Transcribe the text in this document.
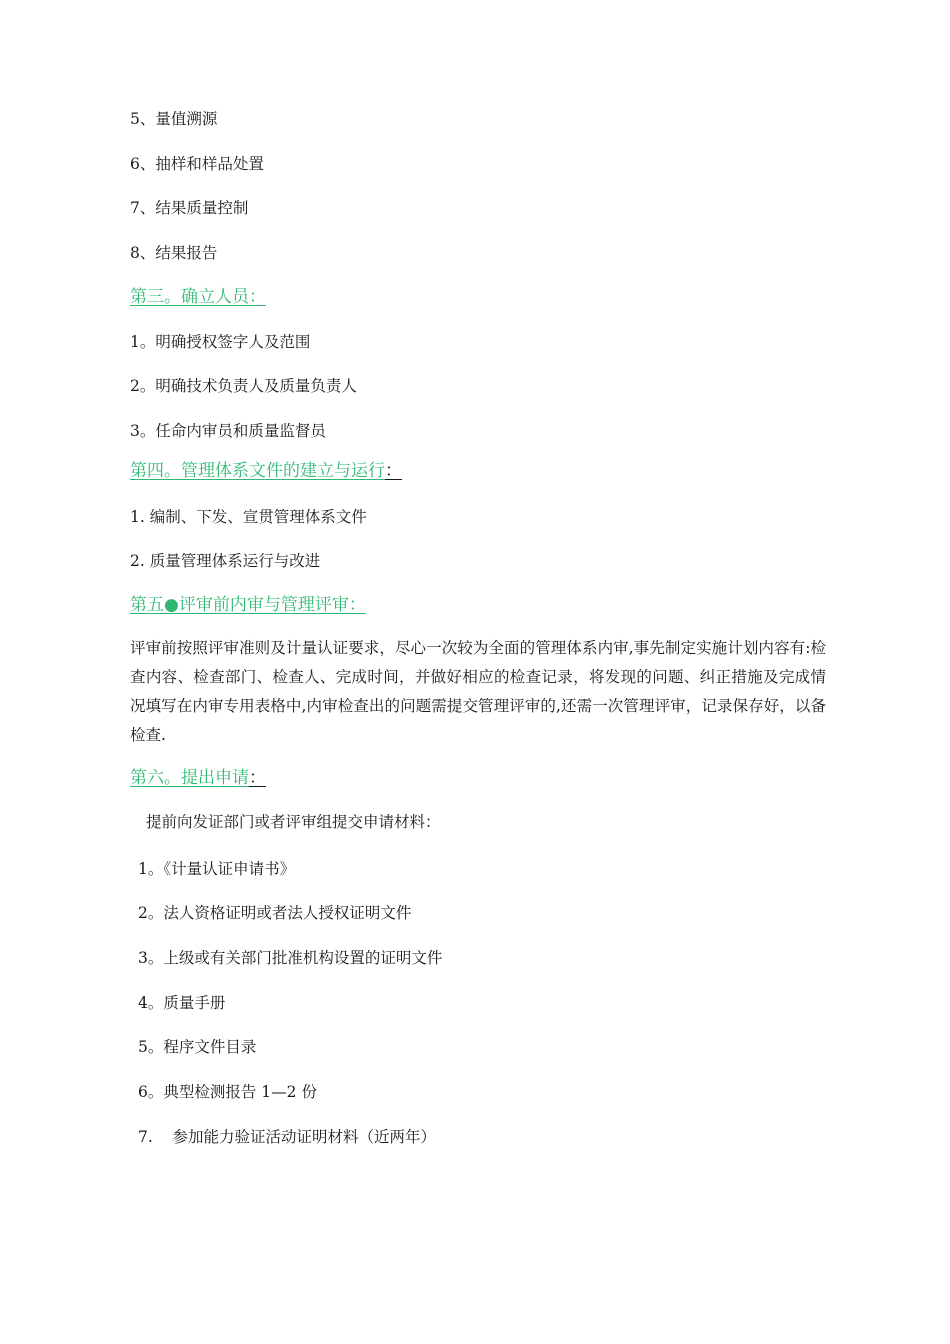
5、量值溯源
6、抽样和样品处置
7、结果质量控制
8、结果报告
第三。确立人员：
1。明确授权签字人及范围
2。明确技术负责人及质量负责人
3。任命内审员和质量监督员
第四。管理体系文件的建立与运行：
1. 编制、下发、宣贯管理体系文件
2. 质量管理体系运行与改进
第五●评审前内审与管理评审：
评审前按照评审准则及计量认证要求，尽心一次较为全面的管理体系内审,事先制定实施计划内容有:检查内容、检查部门、检查人、完成时间，并做好相应的检查记录，将发现的问题、纠正措施及完成情况填写在内审专用表格中,内审检查出的问题需提交管理评审的,还需一次管理评审，记录保存好，以备检查.
第六。提出申请：
提前向发证部门或者评审组提交申请材料：
1。《计量认证申请书》
2。法人资格证明或者法人授权证明文件
3。上级或有关部门批准机构设置的证明文件
4。质量手册
5。程序文件目录
6。典型检测报告 1—2 份
7.    参加能力验证活动证明材料（近两年）
